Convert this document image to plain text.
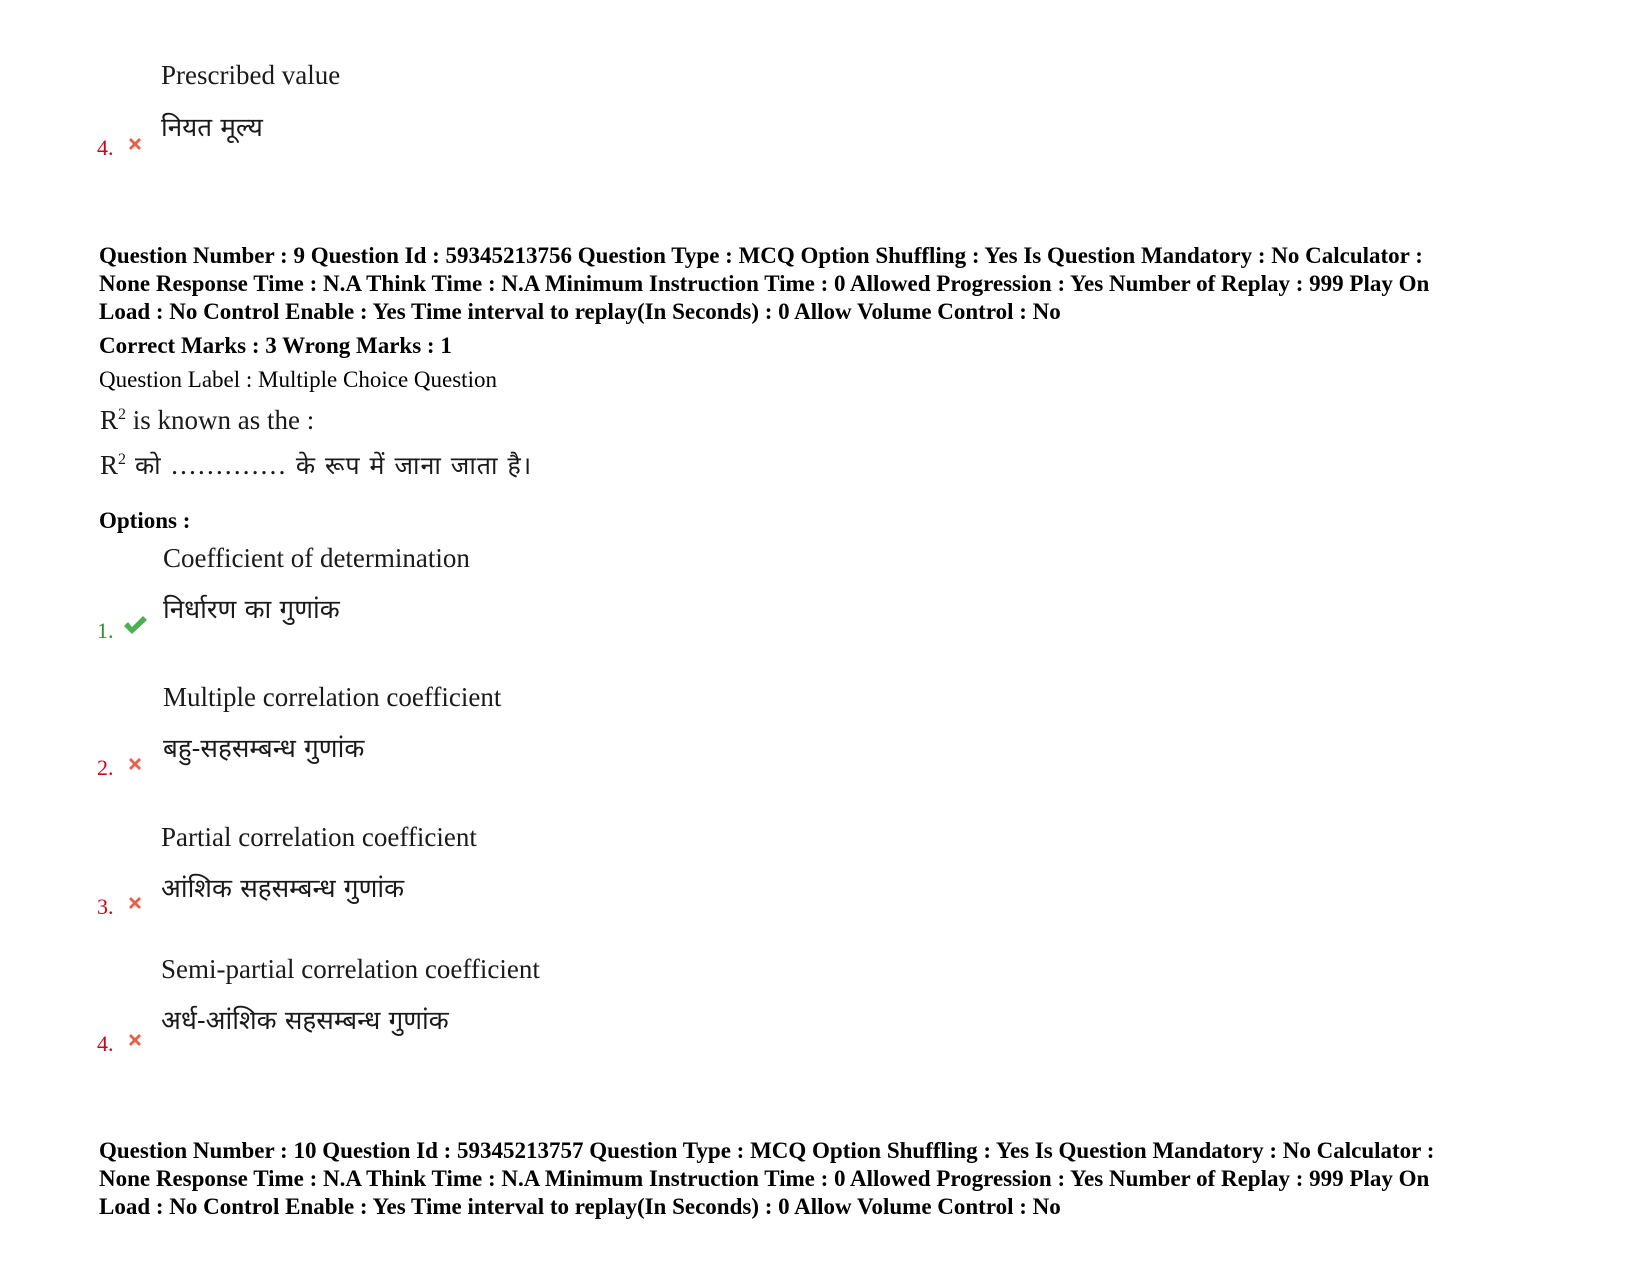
Prescribed value
नियत मूल्य
4.
Question Number : 9 Question Id : 59345213756 Question Type : MCQ Option Shuffling : Yes Is Question Mandatory : No Calculator :
None Response Time : N.A Think Time : N.A Minimum Instruction Time : 0 Allowed Progression : Yes Number of Replay : 999 Play On
Load : No Control Enable : Yes Time interval to replay(In Seconds) : 0 Allow Volume Control : No
Correct Marks : 3 Wrong Marks : 1
Question Label : Multiple Choice Question
$R^2$ is known as the :
$R^2$ को ............. के रूप में जाना जाता है।
Options :
Coefficient of determination
निर्धारण का गुणांक
1.
Multiple correlation coefficient
बहु-सहसम्बन्ध गुणांक
2.
Partial correlation coefficient
आंशिक सहसम्बन्ध गुणांक
3.
Semi-partial correlation coefficient
अर्ध-आंशिक सहसम्बन्ध गुणांक
4.
Question Number : 10 Question Id : 59345213757 Question Type : MCQ Option Shuffling : Yes Is Question Mandatory : No Calculator :
None Response Time : N.A Think Time : N.A Minimum Instruction Time : 0 Allowed Progression : Yes Number of Replay : 999 Play On
Load : No Control Enable : Yes Time interval to replay(In Seconds) : 0 Allow Volume Control : No
